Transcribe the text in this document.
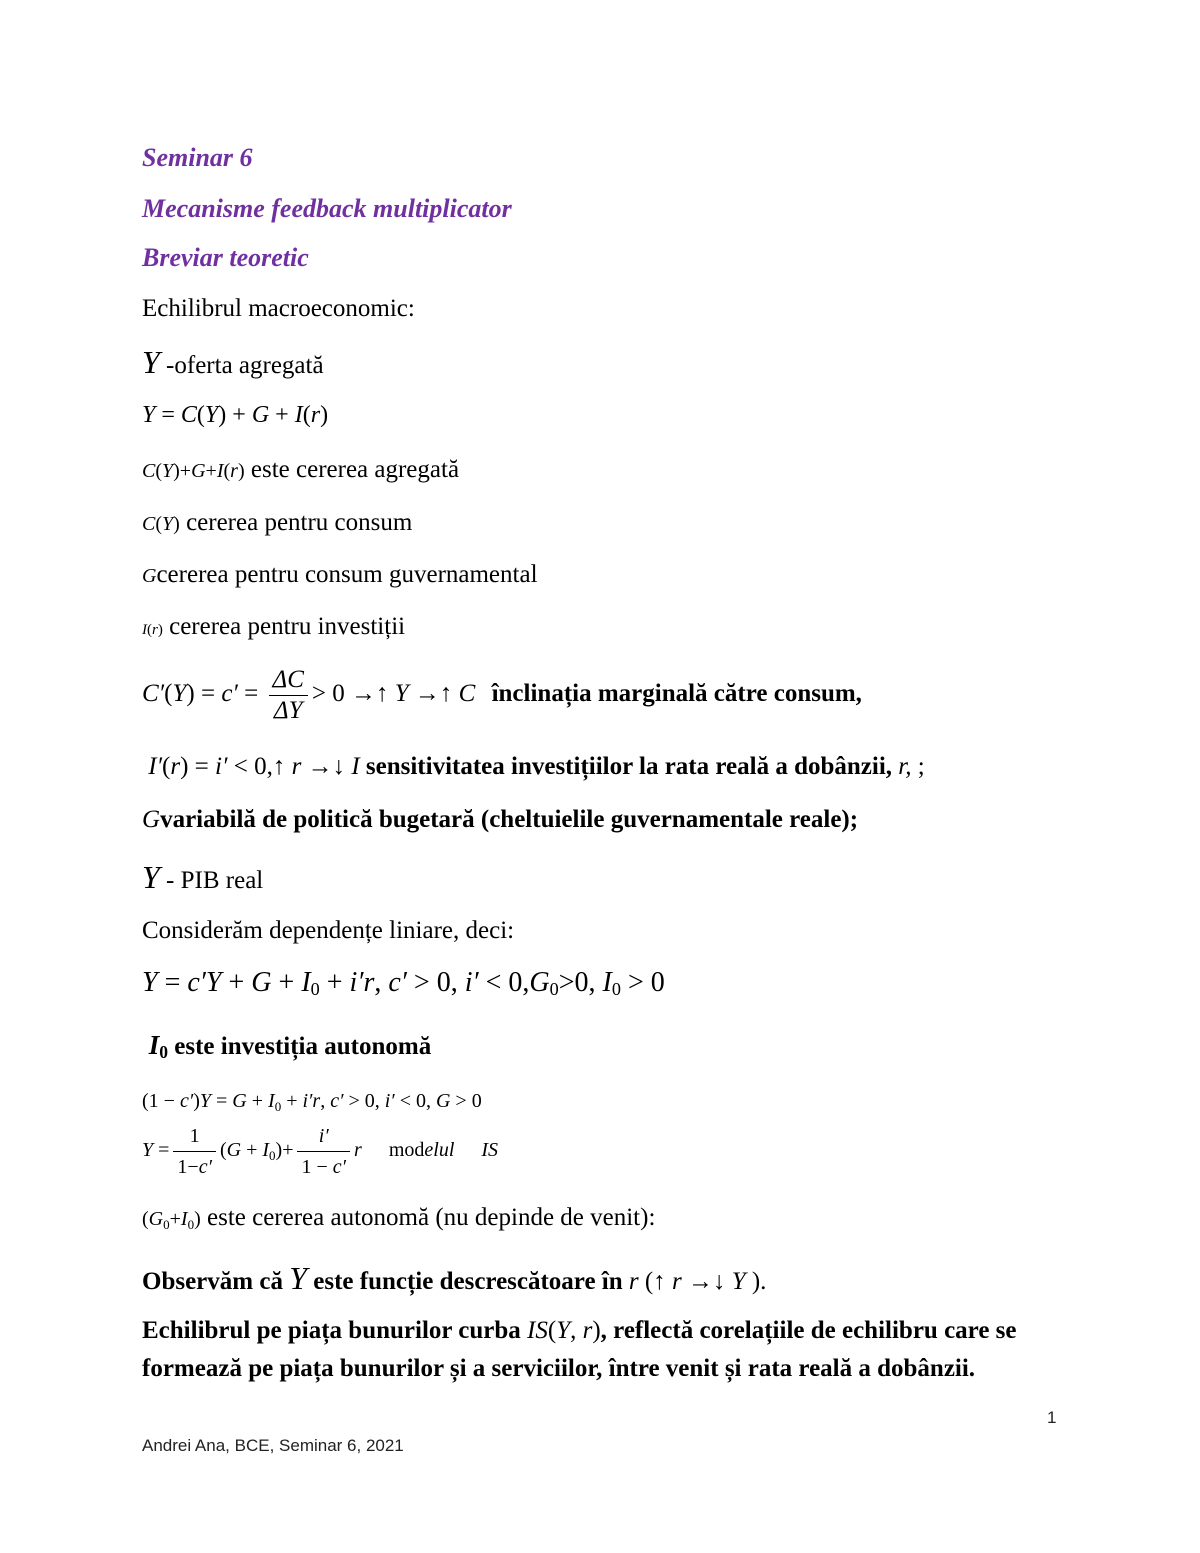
Seminar 6
Mecanisme feedback multiplicator
Breviar teoretic
Echilibrul macroeconomic:
Y -oferta agregată
Y = C(Y) + G + I(r)
C(Y)+G+I(r) este cererea agregată
C(Y) cererea pentru consum
Gcererea pentru consum guvernamental
I(r) cererea pentru investiții
$C'(Y) = c' = \frac{\Delta C}{\Delta Y} > 0$ →↑ Y →↑ C înclinația marginală către consum,
I′(r) = i′ < 0,↑ r →↓ I sensitivitatea investițiilor la rata reală a dobânzii, r, ;
Gvariabilă de politică bugetară (cheltuielile guvernamentale reale);
Y - PIB real
Considerăm dependențe liniare, deci:
$Y = c'Y + G + I_0 + i'r$, c′ > 0, $i' < 0,G_0>0$, $I_0 > 0$
$I_0$ este investiția autonomă
$(1 - c')Y = G + I_0 + i'r$, c′ > 0, i′ < 0, G > 0
$Y = \frac{1}{1-c'} (G + I_0)+ \frac{i'}{1 - c'}$ r modelul IS
$(G_0+I_0)$ este cererea autonomă (nu depinde de venit):
Observăm că Y este funcție descrescătoare în r (↑ r →↓ Y ).
Echilibrul pe piața bunurilor curba IS(Y, r), reflectă corelațiile de echilibru care se
formează pe piața bunurilor și a serviciilor, între venit și rata reală a dobânzii.
1
Andrei Ana, BCE, Seminar 6, 2021
